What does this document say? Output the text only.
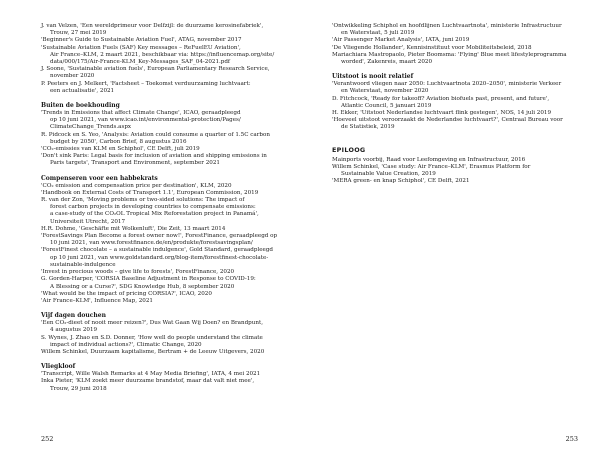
J. van Velzen, 'Een wereldprimeur voor Delfzijl: de duurzame kerosinefabriek',
Trouw, 27 mei 2019

'Beginner's Guide to Sustainable Aviation Fuel', ATAG, november 2017

'Sustainable Aviation Fuels (SAF) Key messages – ReFuelEU Aviation',
Air France–KLM, 2 maart 2021, beschikbaar via: https://influencemap.org/site/
data/000/175/Air-France-KLM_Key-Messages_SAF_04-2021.pdf

J. Soone, 'Sustainable aviation fuels', European Parliamentary Research Service,
november 2020

P. Peeters en J. Melkert, 'Factsheet – Toekomst verduurzaming luchtvaart:
een actualisatie', 2021

Buiten de boekhouding

'Trends in Emissions that affect Climate Change', ICAO, geraadpleegd
op 10 juni 2021, van www.icao.int/environmental-protection/Pages/
ClimateChange_Trends.aspx

R. Pidcock en S. Yeo, 'Analysis: Aviation could consume a quarter of 1.5C carbon
budget by 2050', Carbon Brief, 8 augustus 2016

'CO₂-emissies van KLM en Schiphol', CE Delft, juli 2019

'Don't sink Paris: Legal basis for inclusion of aviation and shipping emissions in
Paris targets', Transport and Environment, september 2021

Compenseren voor een habbekrats

'CO₂ emission and compensation price per destination', KLM, 2020

'Handbook on External Costs of Transport 1.1', European Commission, 2019

R. van der Zon, 'Moving problems or two-sided solutions: The impact of
forest carbon projects in developing countries to compensate emissions:
a case-study of the CO₂OL Tropical Mix Reforestation project in Panamá',
Universiteit Utrecht, 2017

H.R. Dohme, 'Geschäfte mit Wolkenluft', Die Zeit, 13 maart 2014

'ForestSavings Plan Become a forest owner now!', ForestFinance, geraadpleegd op
10 juni 2021, van www.forestfinance.de/en/produkte/forestsavingsplan/

'ForestFinest chocolate – a sustainable indulgence', Gold Standard, geraadpleegd
op 10 juni 2021, van www.goldstandard.org/blog-item/forestfinest-chocolate-
sustainable-indulgence

'Invest in precious woods – give life to forests', ForestFinance, 2020

G. Gorden-Harper, 'CORSIA Baseline Adjustment in Response to COVID-19:
A Blessing or a Curse?', SDG Knowledge Hub, 8 september 2020

'What would be the impact of pricing CORSIA?', ICAO, 2020

'Air France–KLM', Influence Map, 2021

Vijf dagen douchen

'Een CO₂-dieet of nooit meer reizen?', Dus Wat Gaan Wij Doen? en Brandpunt,
4 augustus 2019

S. Wynes, J. Zhao en S.D. Donner, 'How well do people understand the climate
impact of individual actions?', Climatic Change, 2020

Willem Schinkel, Duurzaam kapitalisme, Bertram + de Leeuw Uitgevers, 2020

Vliegkloof

'Transcript, Wille Walsh Remarks at 4 May Media Briefing', IATA, 4 mei 2021

Inka Pieter, 'KLM zoekt meer duurzame brandstof, maar dat valt niet mee',
Trouw, 29 juni 2018

252

'Ontwikkeling Schiphol en hoofdlijnen Luchtvaartnota', ministerie Infrastructuur
en Waterstaat, 5 juli 2019

'Air Passenger Market Analysis', IATA, juni 2019

'De Vliegende Hollander', Kennisinstituut voor Mobiliteitsbeleid, 2018

Mariachiara Mastropaolo, Pieter Boomsma: 'Flying' Blue meet lifestyleprogramma
worded', Zakenreis, maart 2020

Uitstoot is nooit relatief

'Verantwoord vliegen naar 2050: Luchtvaartnota 2020–2050', ministerie Verkeer
en Waterstaat, november 2020

D. Fitchcock, 'Ready for takeoff? Aviation biofuels past, present, and future',
Atlantic Council, 5 januari 2019

H. Ekker, 'Uitstoot Nederlandse luchtvaart flink gestegen', NOS, 14 juli 2019

'Hoeveel uitstoot veroorzaakt de Nederlandse luchtvaart?', Centraal Bureau voor
de Statistiek, 2019

EPILOOG

Mainports voorbij, Raad voor Leefomgeving en Infrastructuur, 2016

Willem Schinkel, 'Case study: Air France–KLM', Erasmus Platform for
Sustainable Value Creation, 2019

'MERA green- en knap Schiphol', CE Delft, 2021

253
